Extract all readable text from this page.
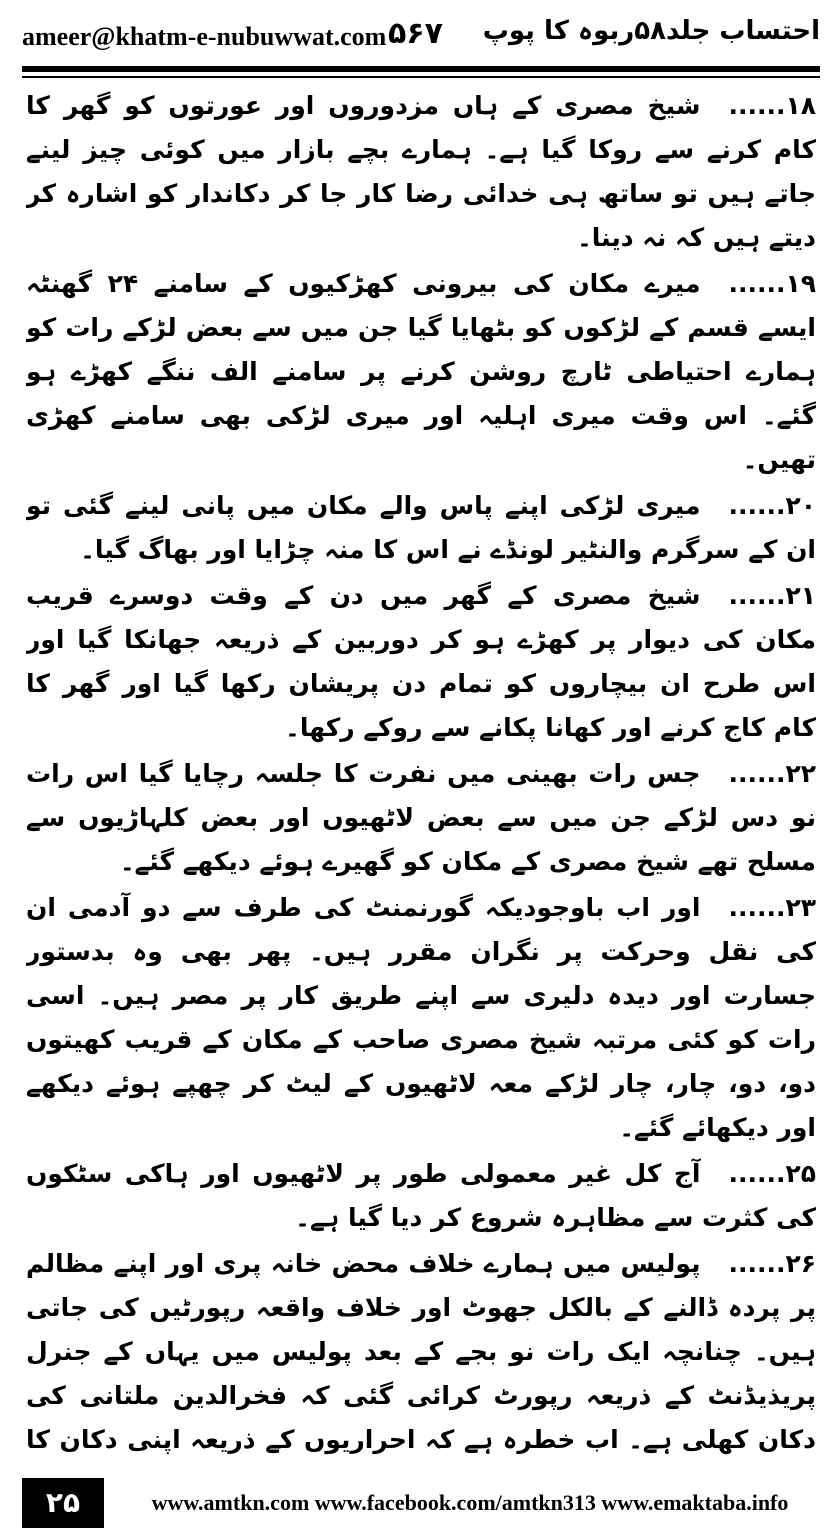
ameer@khatm-e-nubuwwat.com ۵۶۷ احتساب جلد۵۸ربوہ کا پوپ

۱۸......شیخ مصری کے ہاں مزدوروں اور عورتوں کو گھر کا کام کرنے سے روکا گیا ہے۔ ہمارے بچے بازار میں کوئی چیز لینے جاتے ہیں تو ساتھ ہی خدائی رضا کار جا کر دکاندار کو اشارہ کر دیتے ہیں کہ نہ دینا۔

۱۹......میرے مکان کی بیرونی کھڑکیوں کے سامنے ۲۴ گھنٹہ ایسے قسم کے لڑکوں کو بٹھایا گیا جن میں سے بعض لڑکے رات کو ہمارے احتیاطی ٹارچ روشن کرنے پر سامنے الف ننگے کھڑے ہو گئے۔ اس وقت میری اہلیہ اور میری لڑکی بھی سامنے کھڑی تھیں۔

۲۰......میری لڑکی اپنے پاس والے مکان میں پانی لینے گئی تو ان کے سرگرم والنٹیر لونڈے نے اس کا منہ چڑایا اور بھاگ گیا۔

۲۱......شیخ مصری کے گھر میں دن کے وقت دوسرے قریب مکان کی دیوار پر کھڑے ہو کر دوربین کے ذریعہ جھانکا گیا اور اس طرح ان بیچاروں کو تمام دن پریشان رکھا گیا اور گھر کا کام کاج کرنے اور کھانا پکانے سے روکے رکھا۔

۲۲......جس رات بھینی میں نفرت کا جلسہ رچایا گیا اس رات نو دس لڑکے جن میں سے بعض لاٹھیوں اور بعض کلہاڑیوں سے مسلح تھے شیخ مصری کے مکان کو گھیرے ہوئے دیکھے گئے۔

۲۳......اور اب باوجودیکہ گورنمنٹ کی طرف سے دو آدمی ان کی نقل وحرکت پر نگران مقرر ہیں۔ پھر بھی وہ بدستور جسارت اور دیدہ دلیری سے اپنے طریق کار پر مصر ہیں۔ اسی رات کو کئی مرتبہ شیخ مصری صاحب کے مکان کے قریب کھیتوں دو، دو، چار، چار لڑکے معہ لاٹھیوں کے لیٹ کر چھپے ہوئے دیکھے اور دیکھائے گئے۔

۲۵......آج کل غیر معمولی طور پر لاٹھیوں اور ہاکی سٹکوں کی کثرت سے مظاہرہ شروع کر دیا گیا ہے۔

۲۶......پولیس میں ہمارے خلاف محض خانہ پری اور اپنے مظالم پر پردہ ڈالنے کے بالکل جھوٹ اور خلاف واقعہ رپورٹیں کی جاتی ہیں۔ چنانچہ ایک رات نو بجے کے بعد پولیس میں یہاں کے جنرل پریذیڈنٹ کے ذریعہ رپورٹ کرائی گئی کہ فخرالدین ملتانی کی دکان کھلی ہے۔ اب خطرہ ہے کہ احراریوں کے ذریعہ اپنی دکان کا

۲۵	www.amtkn.com www.facebook.com/amtkn313 www.emaktaba.info
